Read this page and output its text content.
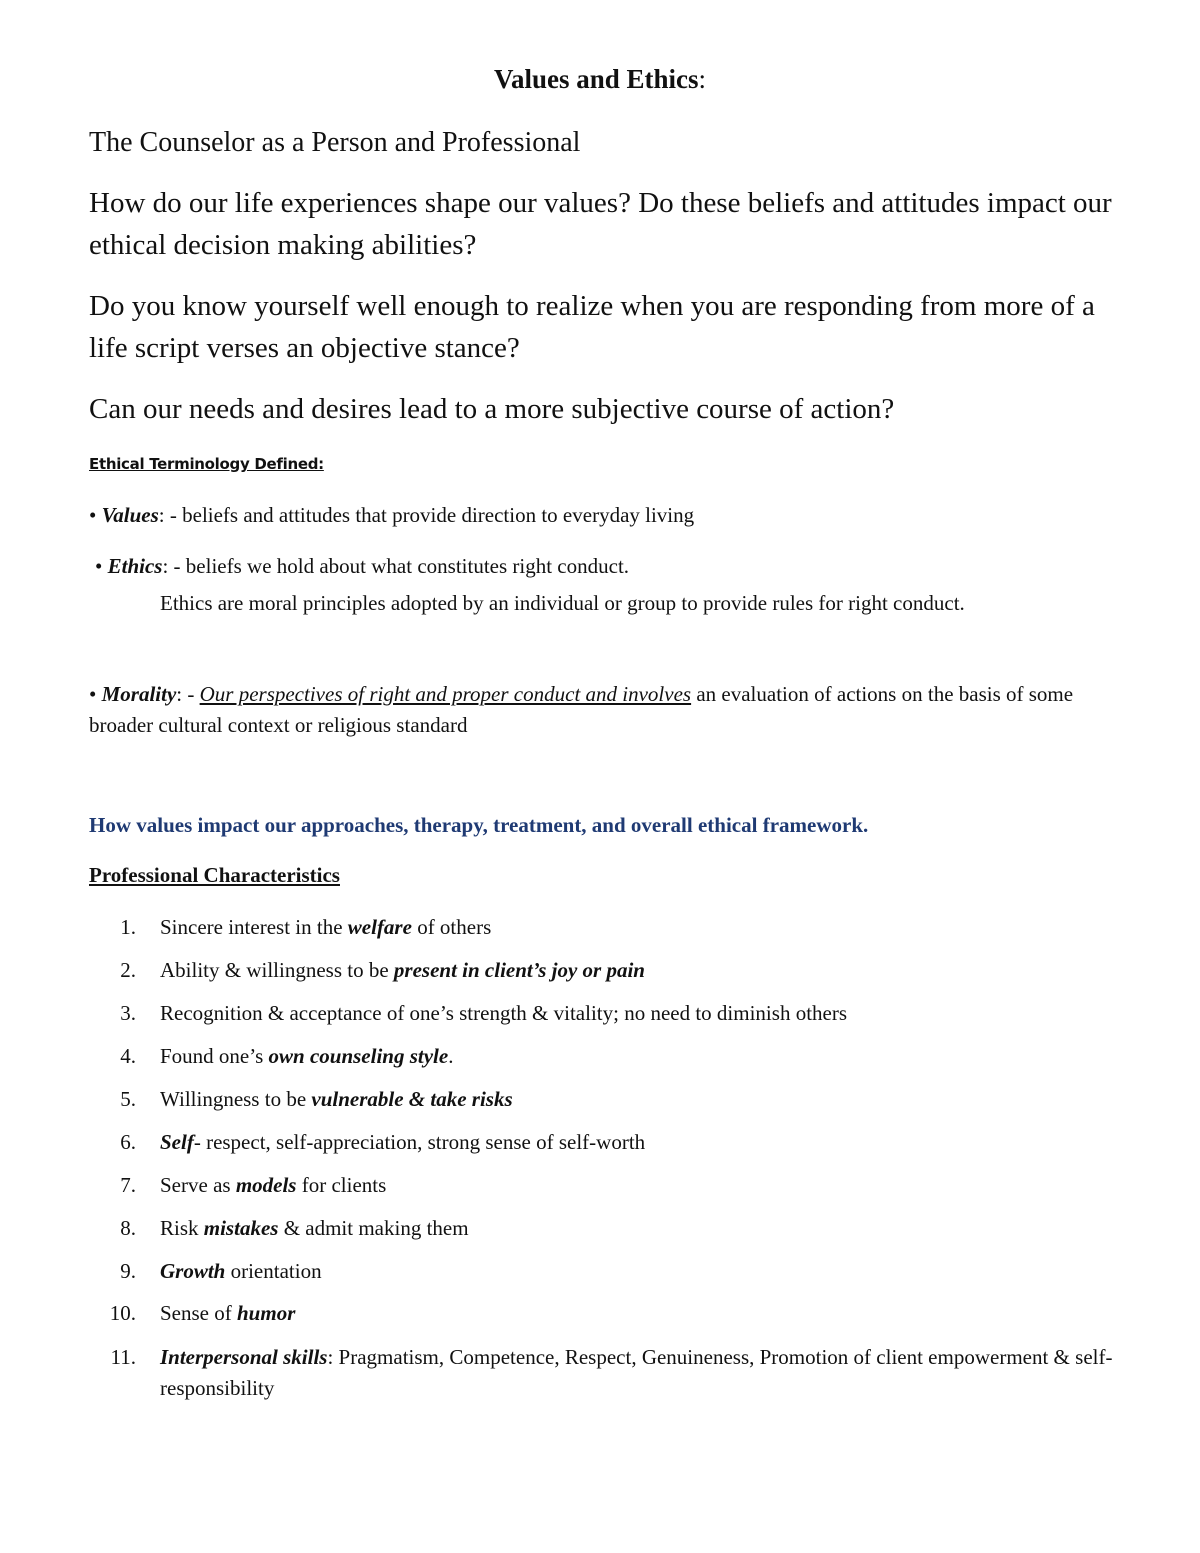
Values and Ethics:
The Counselor as a Person and Professional
How do our life experiences shape our values? Do these beliefs and attitudes impact our ethical decision making abilities?
Do you know yourself well enough to realize when you are responding from more of a life script verses an objective stance?
Can our needs and desires lead to a more subjective course of action?
Ethical Terminology Defined:
• Values: - beliefs and attitudes that provide direction to everyday living
• Ethics: - beliefs we hold about what constitutes right conduct.
Ethics are moral principles adopted by an individual or group to provide rules for right conduct.
• Morality: - Our perspectives of right and proper conduct and involves an evaluation of actions on the basis of some broader cultural context or religious standard
How values impact our approaches, therapy, treatment, and overall ethical framework.
Professional Characteristics
1. Sincere interest in the welfare of others
2. Ability & willingness to be present in client’s joy or pain
3. Recognition & acceptance of one’s strength & vitality; no need to diminish others
4. Found one’s own counseling style.
5. Willingness to be vulnerable & take risks
6. Self- respect, self-appreciation, strong sense of self-worth
7. Serve as models for clients
8. Risk mistakes & admit making them
9. Growth orientation
10. Sense of humor
11. Interpersonal skills: Pragmatism, Competence, Respect, Genuineness, Promotion of client empowerment & self-responsibility
